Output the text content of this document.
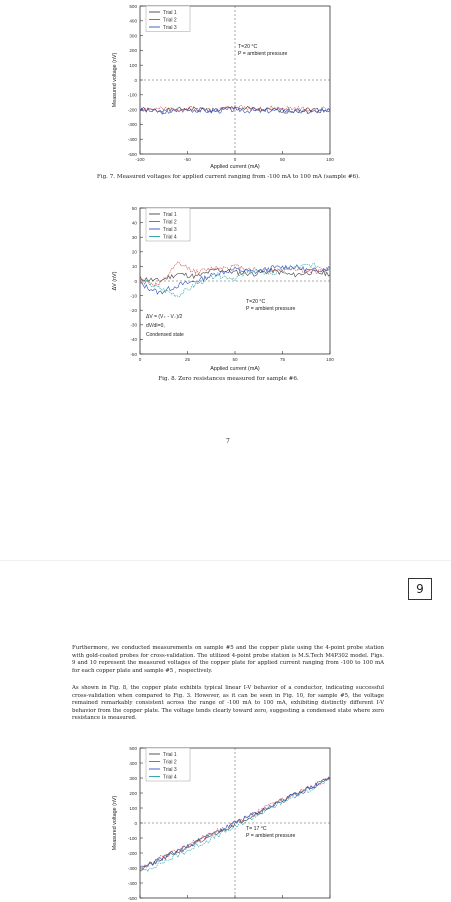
-500
-400
-300
-200
-100
0
100
200
300
400
500
-100	-50	0	50	100
Trial 1
Trial 2
Trial 3
T=20 °C
P = ambient pressure
Applied current (mA)
Measured voltage (nV)
Fig. 7. Measured voltages for applied current ranging from -100 mA to 100 mA (sample #6).
-50
-40
-30
-20
-10
0
10
20
30
40
50
0	25	50	75	100
Trial 1
Trial 2
Trial 3
Trial 4
T=20 °C
P = ambient pressure
ΔV = (V₊ - V₋)/2
dV/dI=0,
Condensed state
Applied current (mA)
ΔV (nV)
Fig. 8. Zero resistances measured for sample #6.
7
9
Furthermore, we conducted measurements on sample #5 and the copper plate using the 4-point probe station with gold-coated probes for cross-validation. The utilized 4-point probe station is M.S.Tech M4P302 model. Figs. 9 and 10 represent the measured voltages of the copper plate for applied current ranging from -100 to 100 mA for each copper plate and sample #5 , respectively.
As shown in Fig. 8, the copper plate exhibits typical linear I-V behavior of a conductor, indicating successful cross-validation when compared to Fig. 3. However, as it can be seen in Fig. 10, for sample #5, the voltage remained remarkably consistent across the range of -100 mA to 100 mA, exhibiting distinctly different I-V behavior from the copper plate. The voltage tends clearly toward zero, suggesting a condensed state where zero resistance is measured.
-500
-400
-300
-200
-100
0
100
200
300
400
500
Trial 1
Trial 2
Trial 3
Trial 4
T= 17 °C
P = ambient pressure
Measured voltage (nV)
